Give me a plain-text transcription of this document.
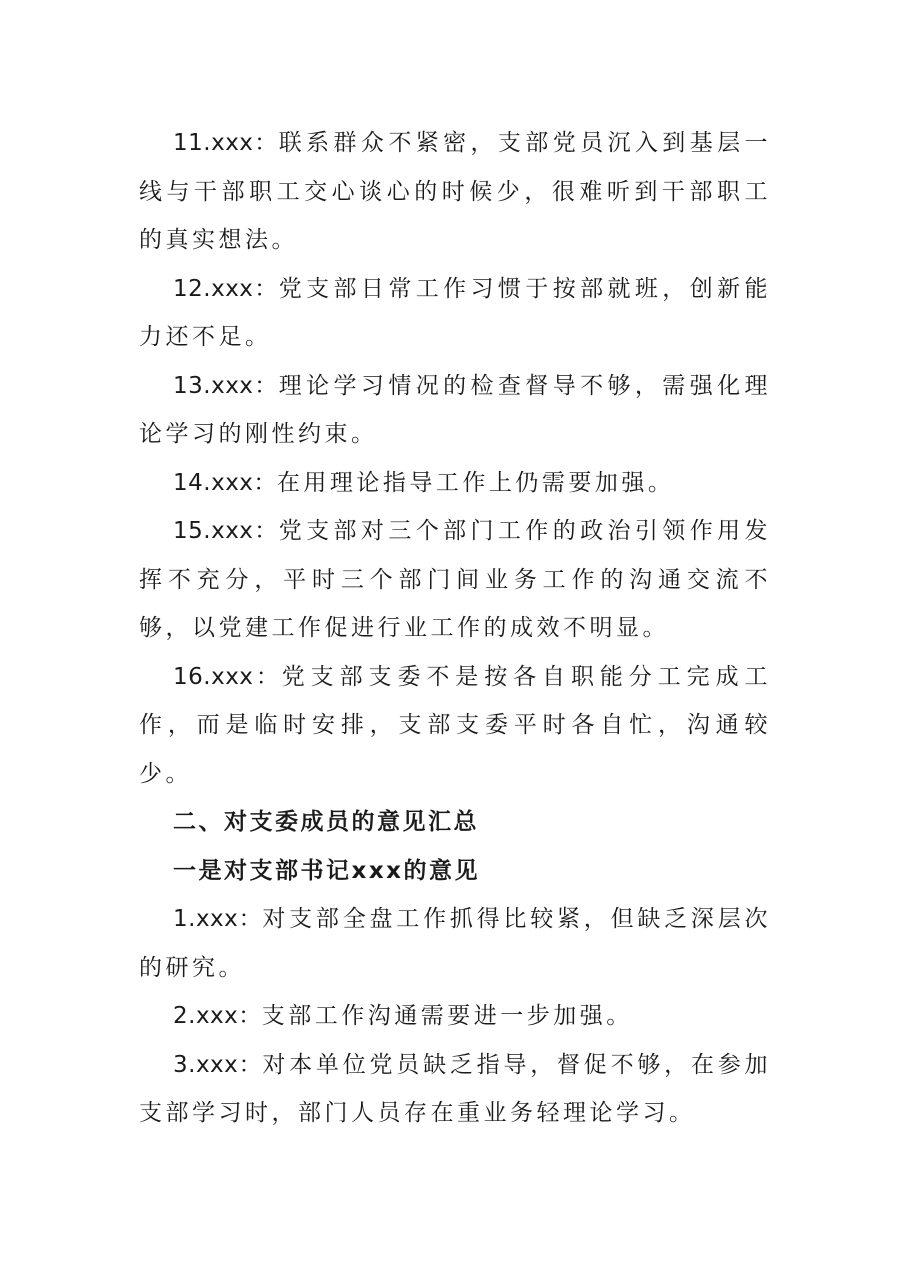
11.xxx：联系群众不紧密，支部党员沉入到基层一线与干部职工交心谈心的时候少，很难听到干部职工的真实想法。

12.xxx：党支部日常工作习惯于按部就班，创新能力还不足。

13.xxx：理论学习情况的检查督导不够，需强化理论学习的刚性约束。

14.xxx：在用理论指导工作上仍需要加强。

15.xxx：党支部对三个部门工作的政治引领作用发挥不充分，平时三个部门间业务工作的沟通交流不够，以党建工作促进行业工作的成效不明显。

16.xxx：党支部支委不是按各自职能分工完成工作，而是临时安排，支部支委平时各自忙，沟通较少。

二、对支委成员的意见汇总

一是对支部书记xxx的意见

1.xxx：对支部全盘工作抓得比较紧，但缺乏深层次的研究。

2.xxx：支部工作沟通需要进一步加强。

3.xxx：对本单位党员缺乏指导，督促不够，在参加支部学习时，部门人员存在重业务轻理论学习。
